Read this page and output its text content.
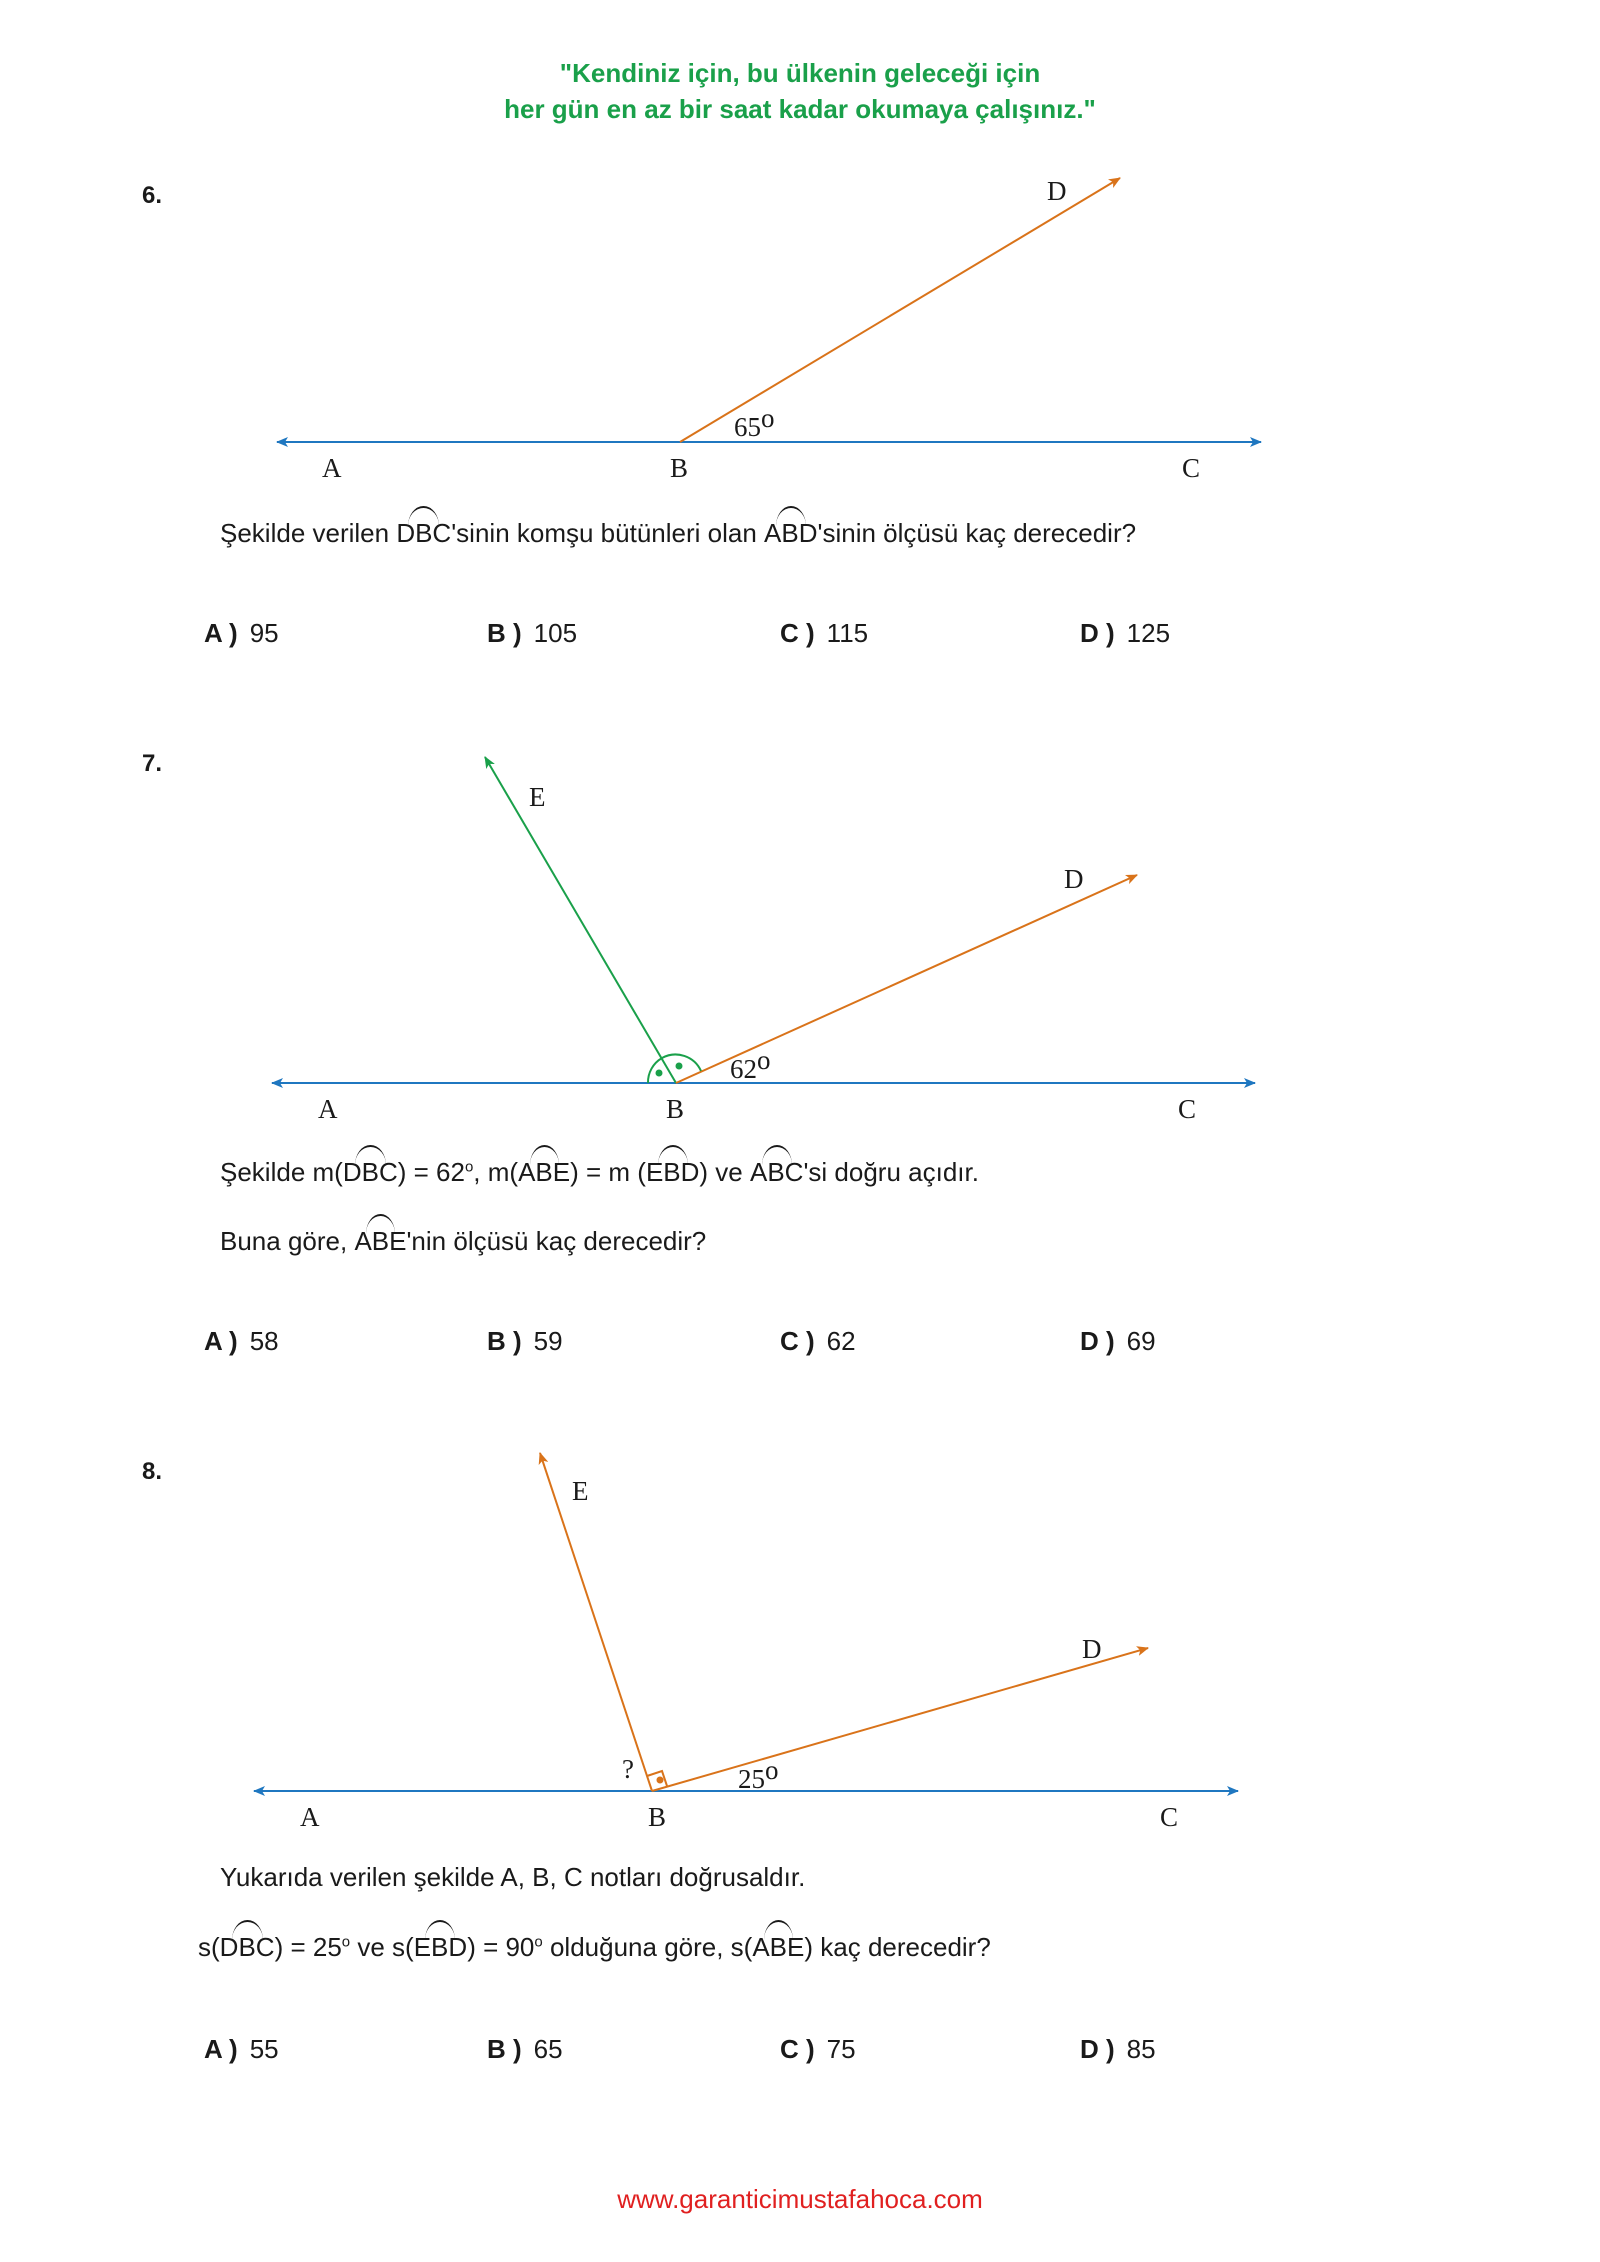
"Kendiniz için, bu ülkenin geleceği için
her gün en az bir saat kadar okumaya çalışınız."
6.
A	B	C
D
65o
Şekilde verilen DBC'sinin komşu bütünleri olan ABD'sinin ölçüsü kaç derecedir?
A ) 95	B ) 105	C ) 115	D ) 125
7.
A	B	C
D
E
62o
Şekilde $m(DBC) = 62^o$, m(ABE) = m (EBD) ve ABC'si doğru açıdır.
Buna göre, ABE'nin ölçüsü kaç derecedir?
A ) 58	B ) 59	C ) 62	D ) 69
8.
A	B	C
D
E
?	25o
Yukarıda verilen şekilde A, B, C notları doğrusaldır.
$s(DBC) = 25^o$ ve $s(EBD) = 90^o$ olduğuna göre, s(ABE) kaç derecedir?
A ) 55	B ) 65	C ) 75	D ) 85
www.garanticimustafahoca.com
